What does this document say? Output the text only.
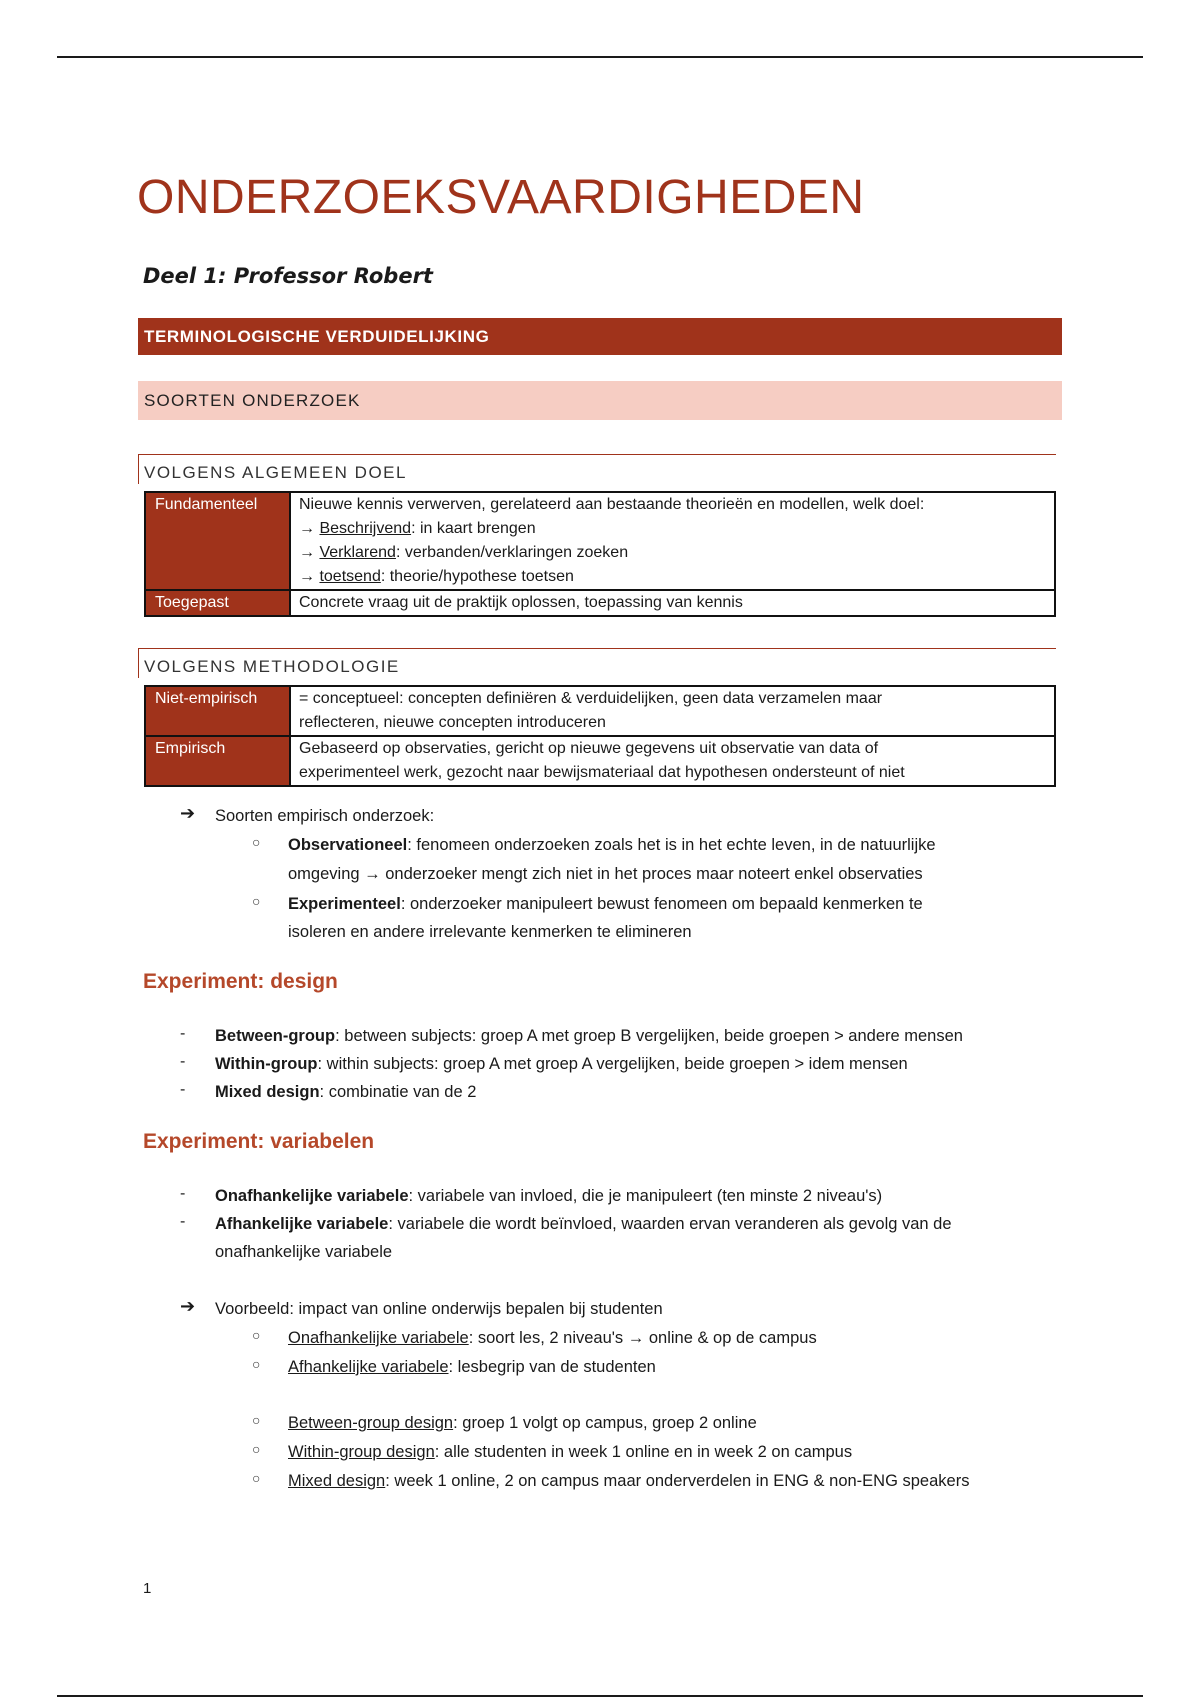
ONDERZOEKSVAARDIGHEDEN
Deel 1: Professor Robert
TERMINOLOGISCHE VERDUIDELIJKING
SOORTEN ONDERZOEK
VOLGENS ALGEMEEN DOEL
Fundamenteel	Nieuwe kennis verwerven, gerelateerd aan bestaande theorieën en modellen, welk doel:
→ Beschrijvend: in kaart brengen
→ Verklarend: verbanden/verklaringen zoeken
→ toetsend: theorie/hypothese toetsen

Toegepast	Concrete vraag uit de praktijk oplossen, toepassing van kennis
VOLGENS METHODOLOGIE
Niet-empirisch	= conceptueel: concepten definiëren & verduidelijken, geen data verzamelen maar
reflecteren, nieuwe concepten introduceren

Empirisch	Gebaseerd op observaties, gericht op nieuwe gegevens uit observatie van data of
experimenteel werk, gezocht naar bewijsmateriaal dat hypothesen ondersteunt of niet
➔ Soorten empirisch onderzoek:
○ Observationeel: fenomeen onderzoeken zoals het is in het echte leven, in de natuurlijke
omgeving → onderzoeker mengt zich niet in het proces maar noteert enkel observaties
○ Experimenteel: onderzoeker manipuleert bewust fenomeen om bepaald kenmerken te
isoleren en andere irrelevante kenmerken te elimineren
Experiment: design
- Between-group: between subjects: groep A met groep B vergelijken, beide groepen > andere mensen
- Within-group: within subjects: groep A met groep A vergelijken, beide groepen > idem mensen
- Mixed design: combinatie van de 2
Experiment: variabelen
- Onafhankelijke variabele: variabele van invloed, die je manipuleert (ten minste 2 niveau's)
- Afhankelijke variabele: variabele die wordt beïnvloed, waarden ervan veranderen als gevolg van de
onafhankelijke variabele
➔ Voorbeeld: impact van online onderwijs bepalen bij studenten
○ Onafhankelijke variabele: soort les, 2 niveau's → online & op de campus
○ Afhankelijke variabele: lesbegrip van de studenten
○ Between-group design: groep 1 volgt op campus, groep 2 online
○ Within-group design: alle studenten in week 1 online en in week 2 on campus
○ Mixed design: week 1 online, 2 on campus maar onderverdelen in ENG & non-ENG speakers
1
